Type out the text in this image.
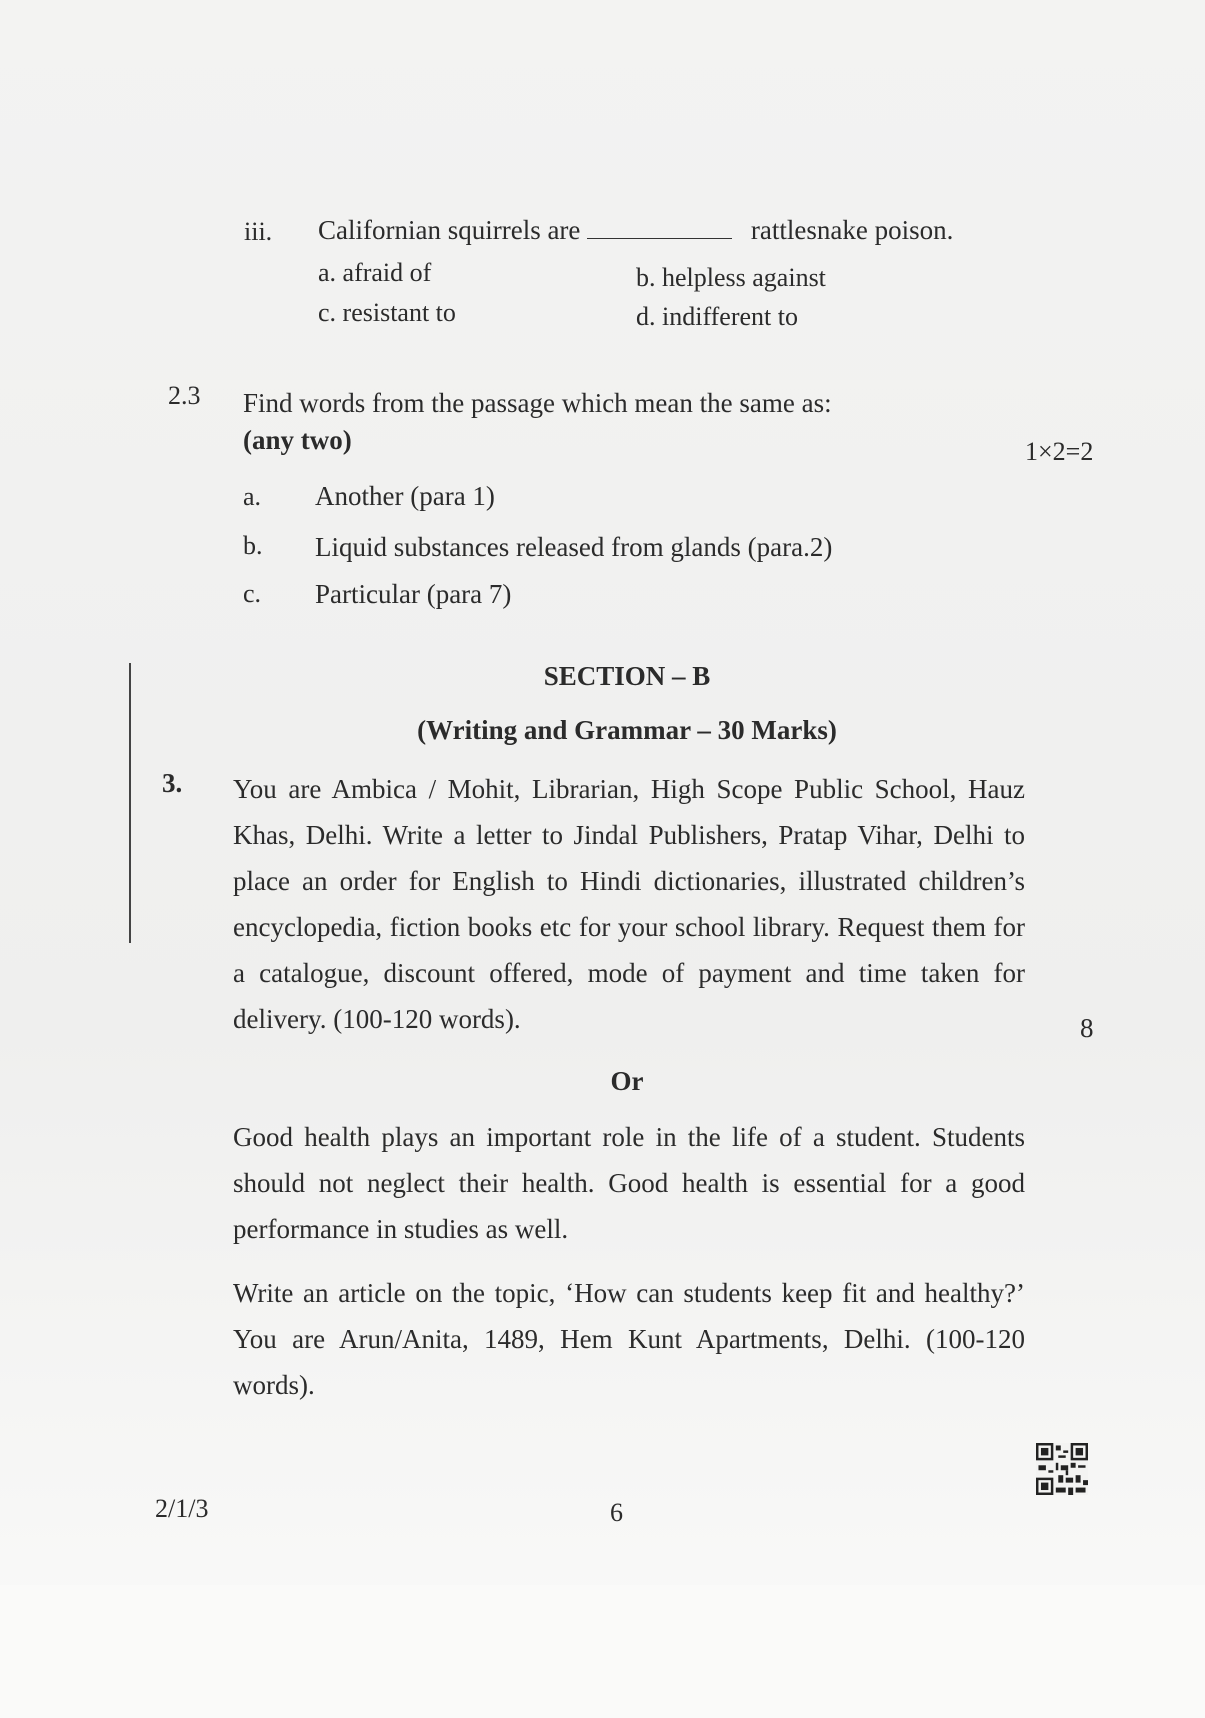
iii. Californian squirrels are	rattlesnake poison.
a. afraid of	b. helpless against
c. resistant to	d. indifferent to
2.3 Find words from the passage which mean the same as:
(any two)	1×2=2
a. Another (para 1)
b. Liquid substances released from glands (para.2)
c. Particular (para 7)
SECTION – B
(Writing and Grammar – 30 Marks)
3. You are Ambica / Mohit, Librarian, High Scope Public School, Hauz Khas, Delhi. Write a letter to Jindal Publishers, Pratap Vihar, Delhi to place an order for English to Hindi dictionaries, illustrated children’s encyclopedia, fiction books etc for your school library. Request them for a catalogue, discount offered, mode of payment and time taken for delivery. (100-120 words).	8
Or
Good health plays an important role in the life of a student. Students should not neglect their health. Good health is essential for a good performance in studies as well.
Write an article on the topic, ‘How can students keep fit and healthy?’ You are Arun/Anita, 1489, Hem Kunt Apartments, Delhi. (100-120 words).
2/1/3	6
